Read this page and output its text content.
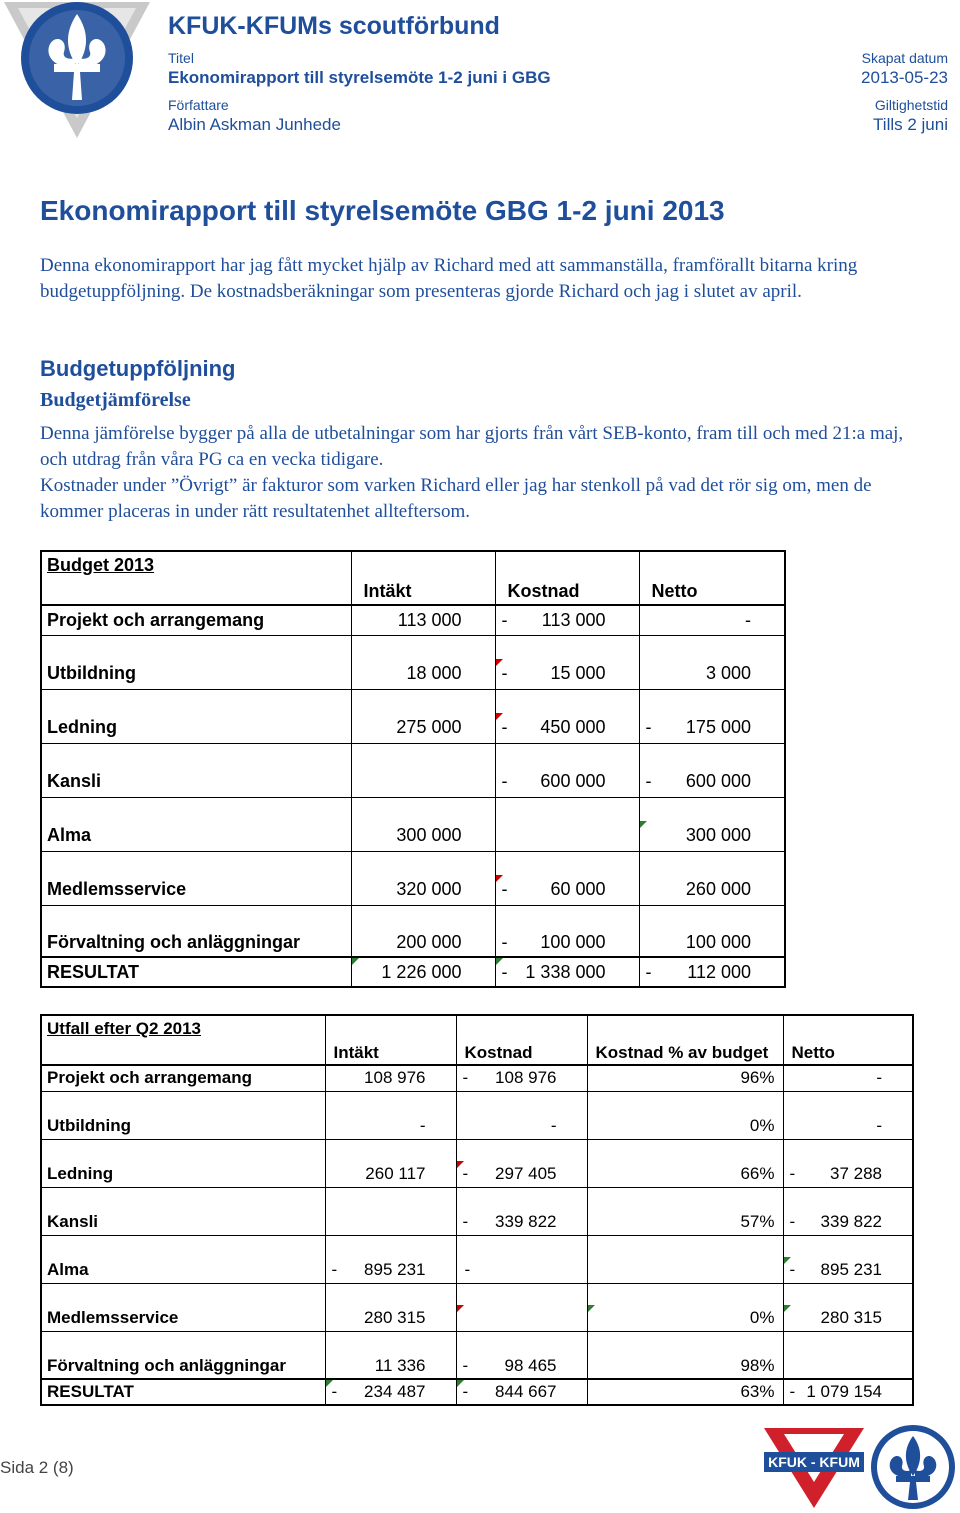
KFUK-KFUMs scoutförbund
Titel
Ekonomirapport till styrelsemöte 1-2 juni i GBG
Författare
Albin Askman Junhede
Skapat datum
2013-05-23
Giltighetstid
Tills 2 juni
Ekonomirapport till styrelsemöte GBG 1-2 juni 2013
Denna ekonomirapport har jag fått mycket hjälp av Richard med att sammanställa, framförallt bitarna kring budgetuppföljning. De kostnadsberäkningar som presenteras gjorde Richard och jag i slutet av april.
Budgetuppföljning
Budgetjämförelse
Denna jämförelse bygger på alla de utbetalningar som har gjorts från vårt SEB-konto, fram till och med 21:a maj, och utdrag från våra PG ca en vecka tidigare.
Kostnader under ”Övrigt” är fakturor som varken Richard eller jag har stenkoll på vad det rör sig om, men de kommer placeras in under rätt resultatenhet allteftersom.
Budget 2013			
	Intäkt	Kostnad	Netto
Projekt och arrangemang	113 000	- 113 000	-

Utbildning	18 000	- 15 000	3 000

Ledning	275 000	- 450 000	- 175 000

Kansli		- 600 000	- 600 000

Alma	300 000		300 000

Medlemsservice	320 000	- 60 000	260 000

Förvaltning och anläggningar	200 000	- 100 000	100 000
RESULTAT	1 226 000	- 1 338 000	- 112 000
Utfall efter Q2 2013				
	Intäkt	Kostnad	Kostnad % av budget	Netto
Projekt och arrangemang	108 976	- 108 976	96%	-

Utbildning	-	-	0%	-

Ledning	260 117	- 297 405	66%	- 37 288

Kansli		- 339 822	57%	- 339 822

Alma	- 895 231	-		- 895 231

Medlemsservice	280 315		0%	280 315

Förvaltning och anläggningar	11 336	- 98 465	98%	
RESULTAT	- 234 487	- 844 667	63%	- 1 079 154
Sida 2 (8)	KFUK - KFUM
